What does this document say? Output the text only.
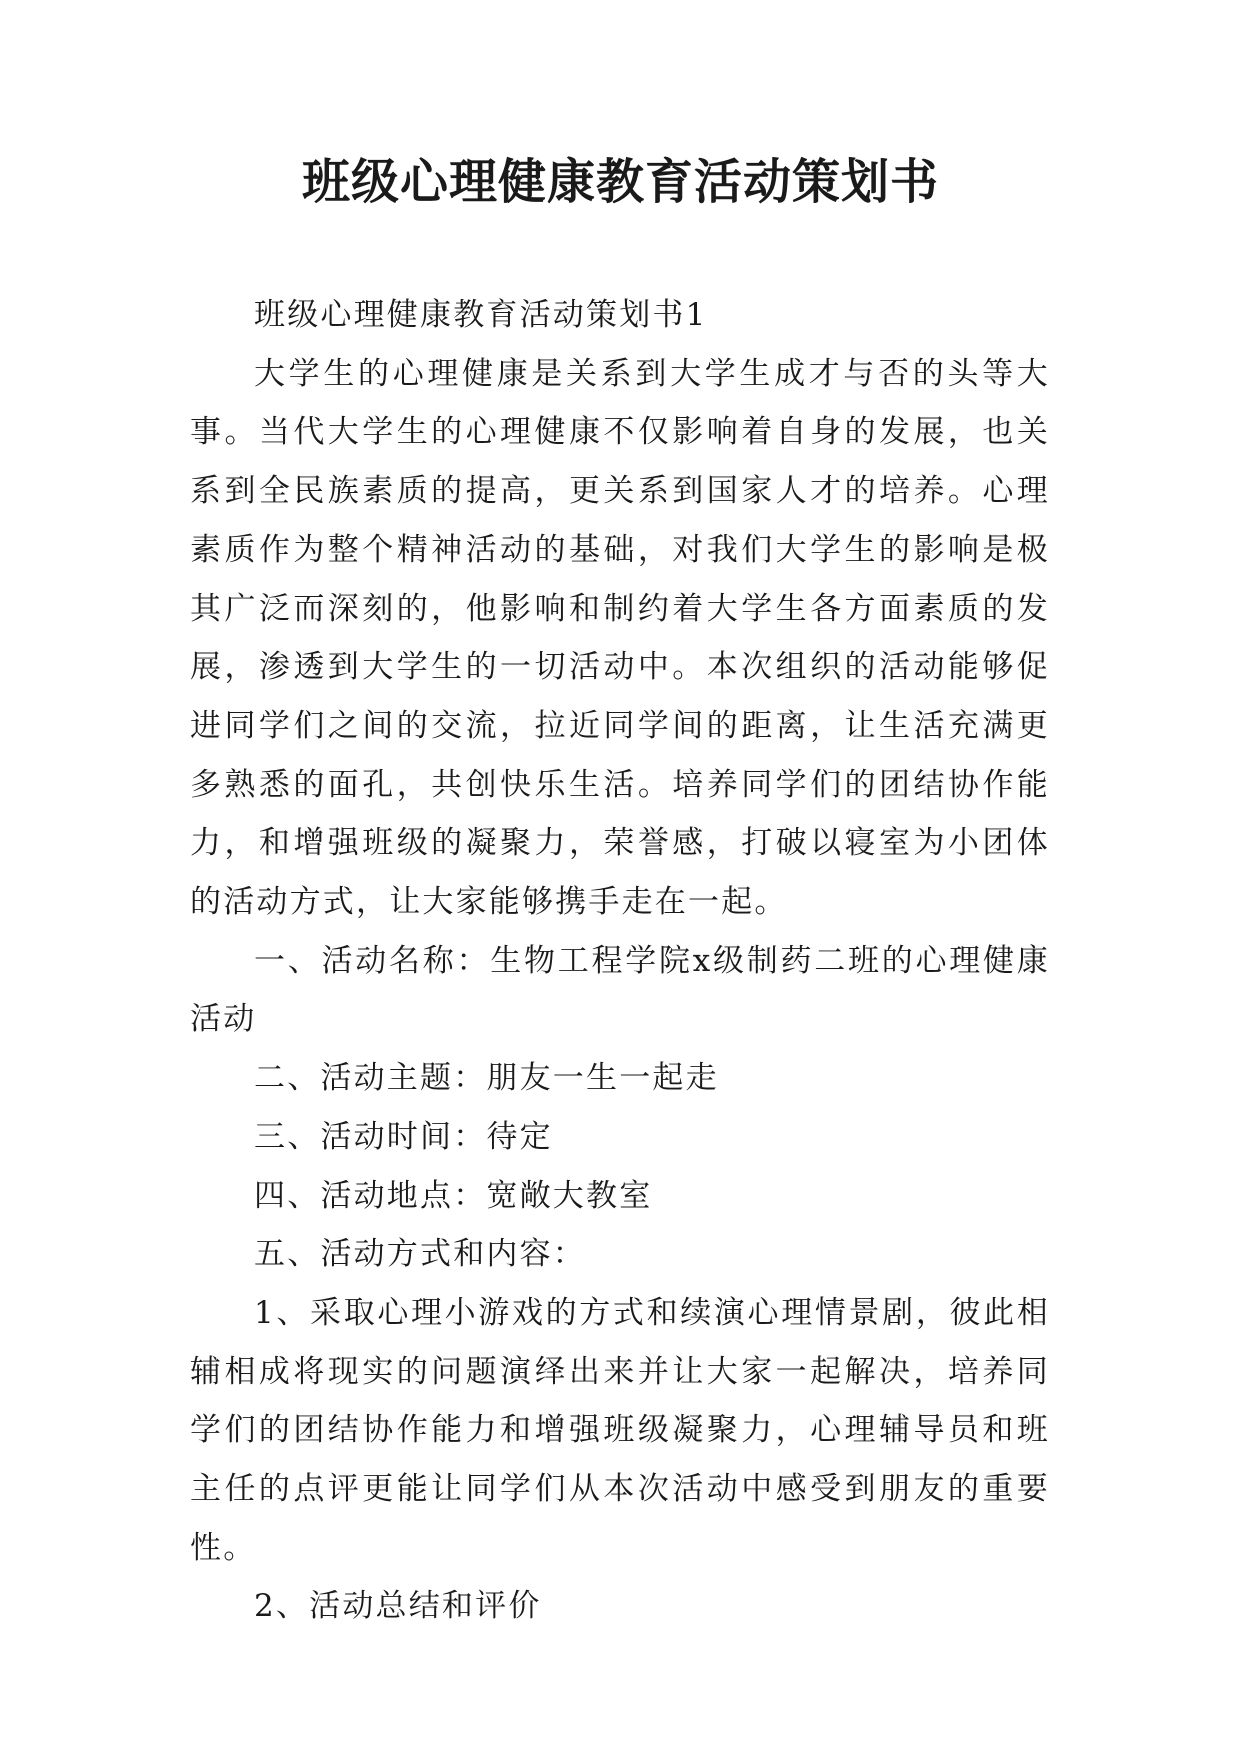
班级心理健康教育活动策划书

班级心理健康教育活动策划书1

大学生的心理健康是关系到大学生成才与否的头等大事。当代大学生的心理健康不仅影响着自身的发展，也关系到全民族素质的提高，更关系到国家人才的培养。心理素质作为整个精神活动的基础，对我们大学生的影响是极其广泛而深刻的，他影响和制约着大学生各方面素质的发展，渗透到大学生的一切活动中。本次组织的活动能够促进同学们之间的交流，拉近同学间的距离，让生活充满更多熟悉的面孔，共创快乐生活。培养同学们的团结协作能力，和增强班级的凝聚力，荣誉感，打破以寝室为小团体的活动方式，让大家能够携手走在一起。

一、活动名称：生物工程学院x级制药二班的心理健康活动

二、活动主题：朋友一生一起走

三、活动时间：待定

四、活动地点：宽敞大教室

五、活动方式和内容：

1、采取心理小游戏的方式和续演心理情景剧，彼此相辅相成将现实的问题演绎出来并让大家一起解决，培养同学们的团结协作能力和增强班级凝聚力，心理辅导员和班主任的点评更能让同学们从本次活动中感受到朋友的重要性。

2、活动总结和评价
